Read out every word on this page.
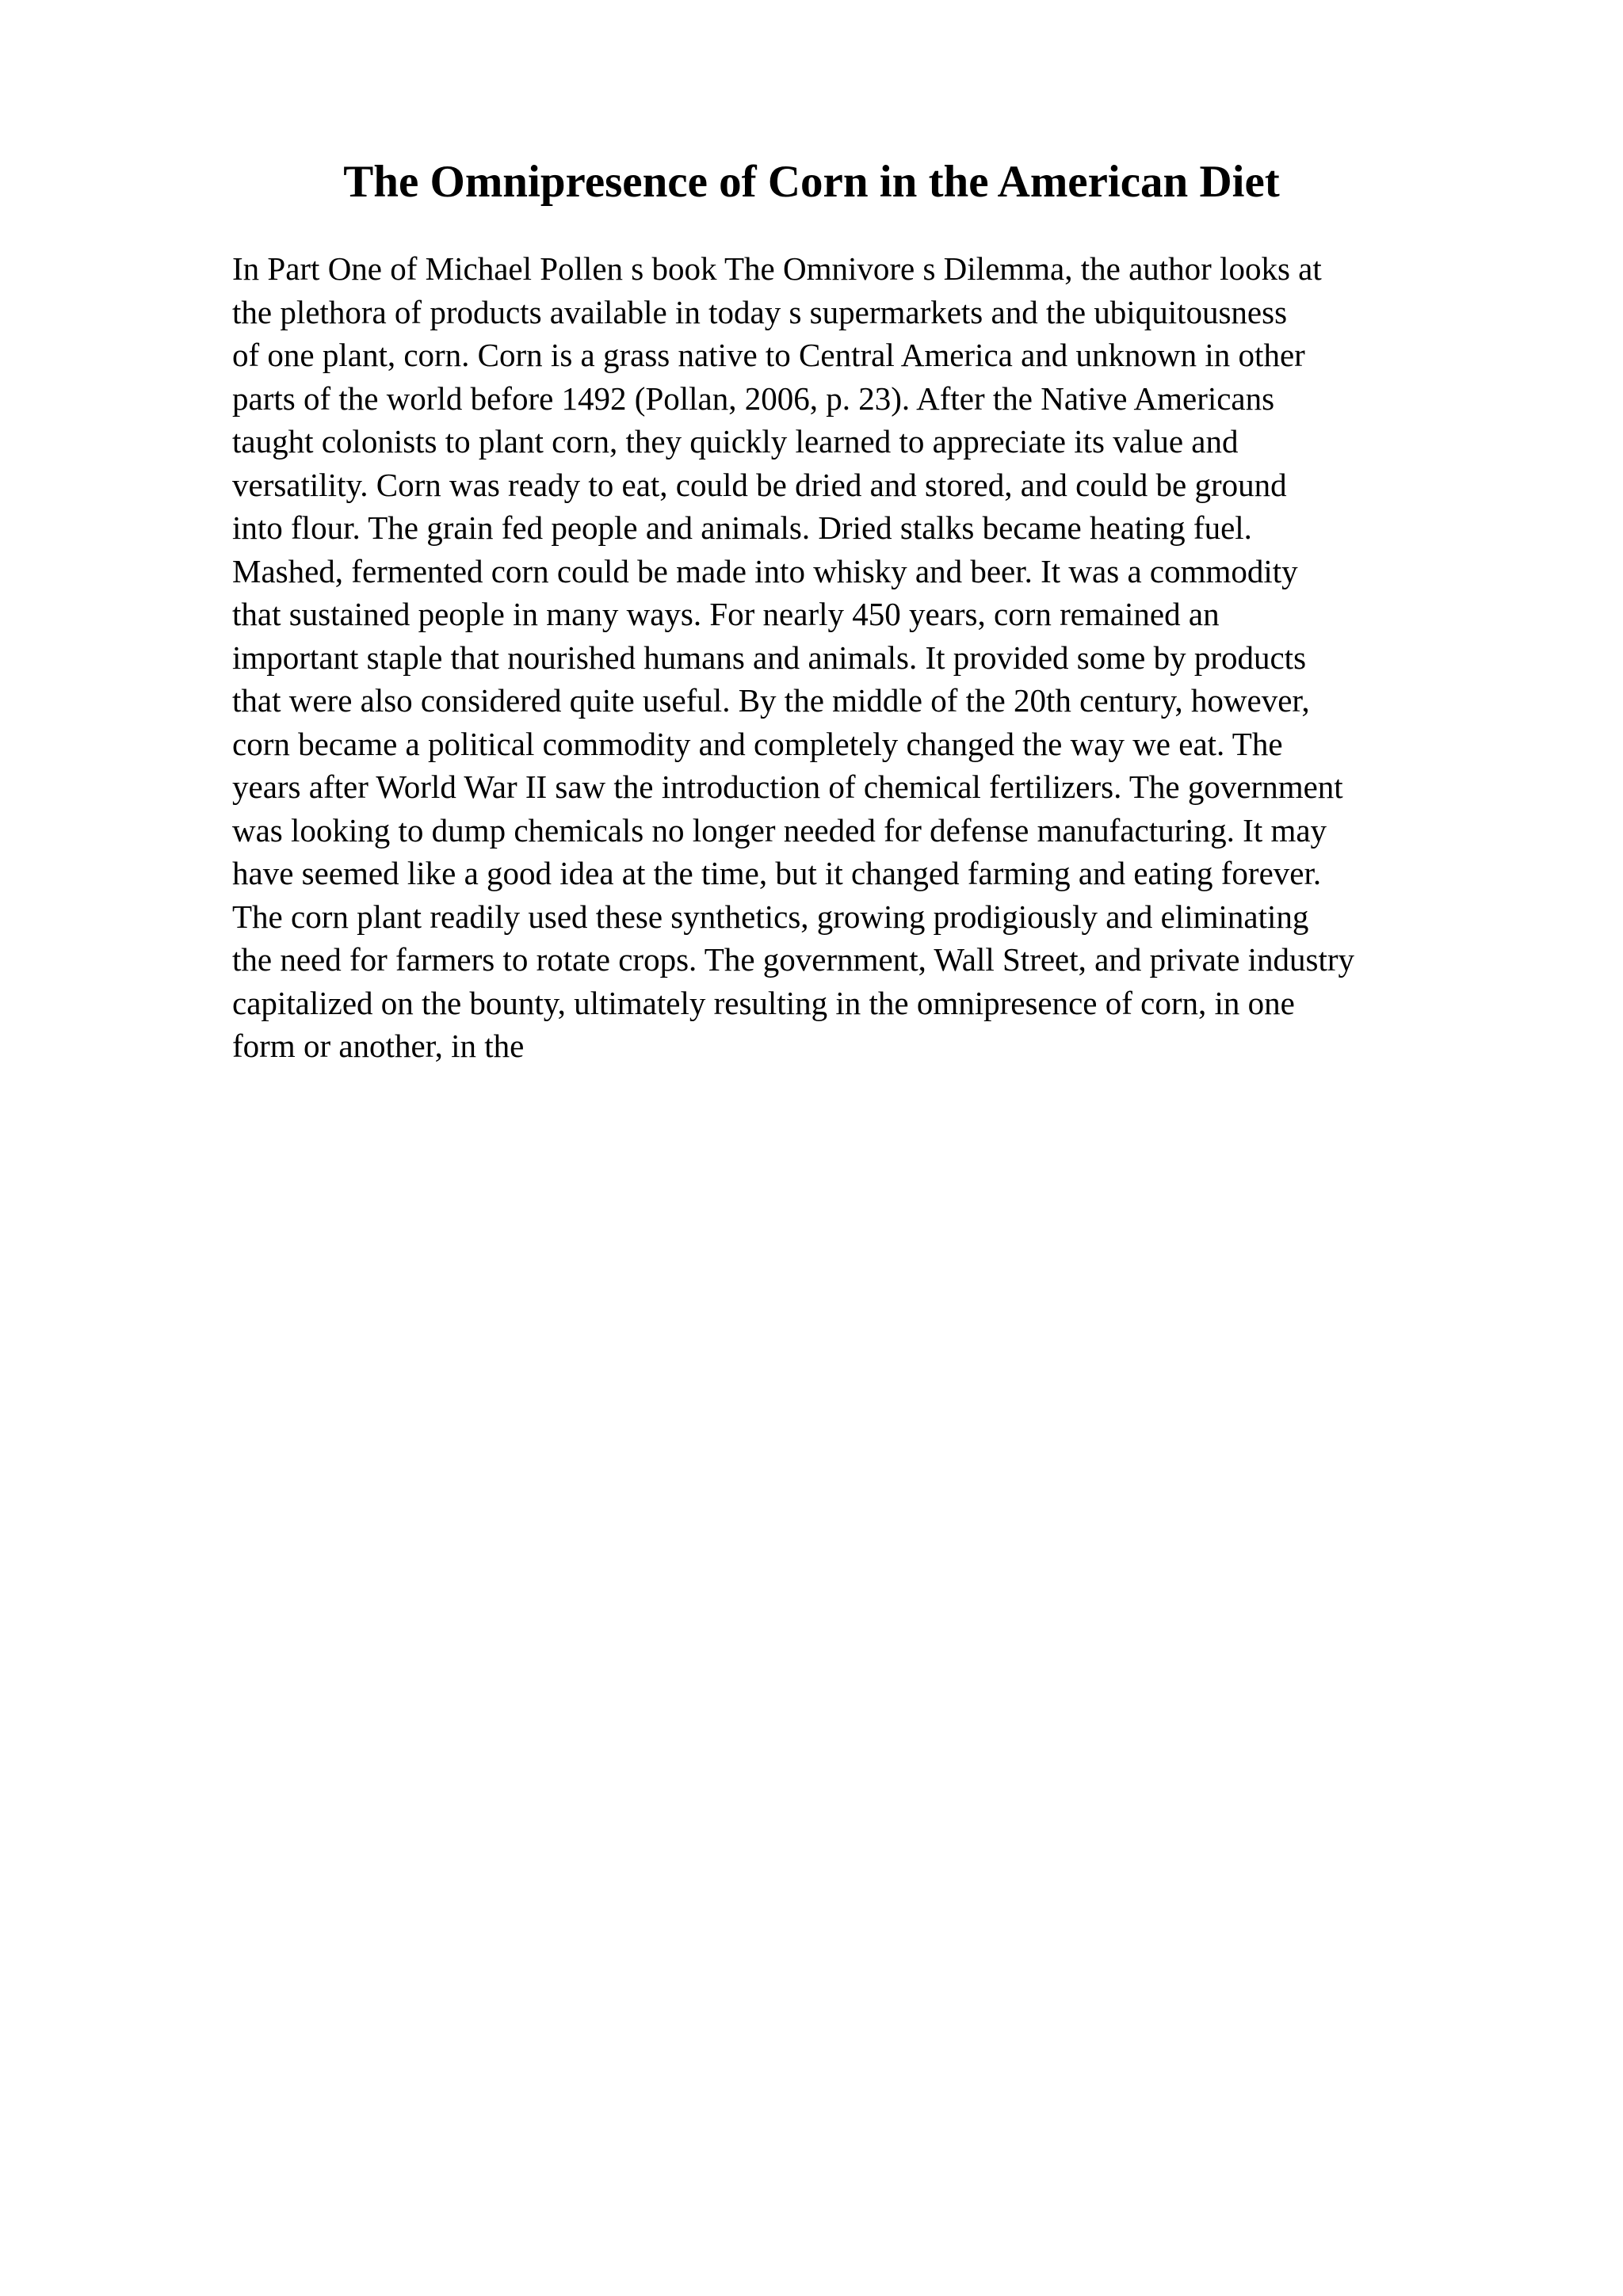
The Omnipresence of Corn in the American Diet
In Part One of Michael Pollen s book The Omnivore s Dilemma, the author looks at
the plethora of products available in today s supermarkets and the ubiquitousness
of one plant, corn. Corn is a grass native to Central America and unknown in other
parts of the world before 1492 (Pollan, 2006, p. 23). After the Native Americans
taught colonists to plant corn, they quickly learned to appreciate its value and
versatility. Corn was ready to eat, could be dried and stored, and could be ground
into flour. The grain fed people and animals. Dried stalks became heating fuel.
Mashed, fermented corn could be made into whisky and beer. It was a commodity
that sustained people in many ways. For nearly 450 years, corn remained an
important staple that nourished humans and animals. It provided some by products
that were also considered quite useful. By the middle of the 20th century, however,
corn became a political commodity and completely changed the way we eat. The
years after World War II saw the introduction of chemical fertilizers. The government
was looking to dump chemicals no longer needed for defense manufacturing. It may
have seemed like a good idea at the time, but it changed farming and eating forever.
The corn plant readily used these synthetics, growing prodigiously and eliminating
the need for farmers to rotate crops. The government, Wall Street, and private industry
capitalized on the bounty, ultimately resulting in the omnipresence of corn, in one
form or another, in the
